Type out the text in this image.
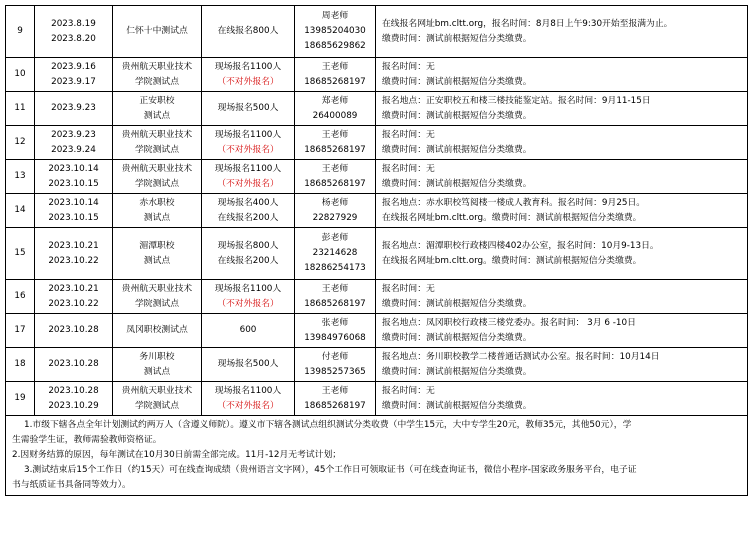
9	2023.8.19
2023.8.20	仁怀十中测试点	在线报名800人	周老师
13985204030
18685629862	在线报名网址bm.cltt.org，报名时间：8月8日上午9:30开始至报满为止。
缴费时间：测试前根据短信分类缴费。

10	2023.9.16
2023.9.17	贵州航天职业技术
学院测试点	现场报名1100人
（不对外报名）	王老师
18685268197	报名时间：无
缴费时间：测试前根据短信分类缴费。

11	2023.9.23	正安职校
测试点	现场报名500人	郑老师
26400089	报名地点：正安职校五和楼三楼技能鉴定站。报名时间：9月11-15日
缴费时间：测试前根据短信分类缴费。

12	2023.9.23
2023.9.24	贵州航天职业技术
学院测试点	现场报名1100人
（不对外报名）	王老师
18685268197	报名时间：无
缴费时间：测试前根据短信分类缴费。

13	2023.10.14
2023.10.15	贵州航天职业技术
学院测试点	现场报名1100人
（不对外报名）	王老师
18685268197	报名时间：无
缴费时间：测试前根据短信分类缴费。

14	2023.10.14
2023.10.15	赤水职校
测试点	现场报名400人
在线报名200人	杨老师
22827929	报名地点：赤水职校笃阅楼一楼成人教育科。报名时间：9月25日。
在线报名网址bm.cltt.org。缴费时间：测试前根据短信分类缴费。

15	2023.10.21
2023.10.22	湄潭职校
测试点	现场报名800人
在线报名200人	彭老师
23214628
18286254173	报名地点：湄潭职校行政楼四楼402办公室，报名时间：10月9-13日。
在线报名网址bm.cltt.org。缴费时间：测试前根据短信分类缴费。

16	2023.10.21
2023.10.22	贵州航天职业技术
学院测试点	现场报名1100人
（不对外报名）	王老师
18685268197	报名时间：无
缴费时间：测试前根据短信分类缴费。

17	2023.10.28	凤冈职校测试点	600	张老师
13984976068	报名地点：凤冈职校行政楼三楼党委办。报名时间： 3月 6 -10日
缴费时间：测试前根据短信分类缴费。

18	2023.10.28	务川职校
测试点	现场报名500人	付老师
13985257365	报名地点：务川职校教学二楼普通话测试办公室。报名时间：10月14日
缴费时间：测试前根据短信分类缴费。

19	2023.10.28
2023.10.29	贵州航天职业技术
学院测试点	现场报名1100人
（不对外报名）	王老师
18685268197	报名时间：无
缴费时间：测试前根据短信分类缴费。

1.市级下辖各点全年计划测试约两万人（含遵义师院）。遵义市下辖各测试点组织测试分类收费（中学生15元，大中专学生20元，教师35元，其他50元），学
生需验学生证，教师需验教师资格证。
2.因财务结算的原因，每年测试在10月30日前需全部完成。11月-12月无考试计划；
3.测试结束后15个工作日（约15天）可在线查询成绩（贵州语言文字网），45个工作日可领取证书（可在线查询证书，微信小程序-国家政务服务平台，电子证
书与纸质证书具备同等效力）。					
